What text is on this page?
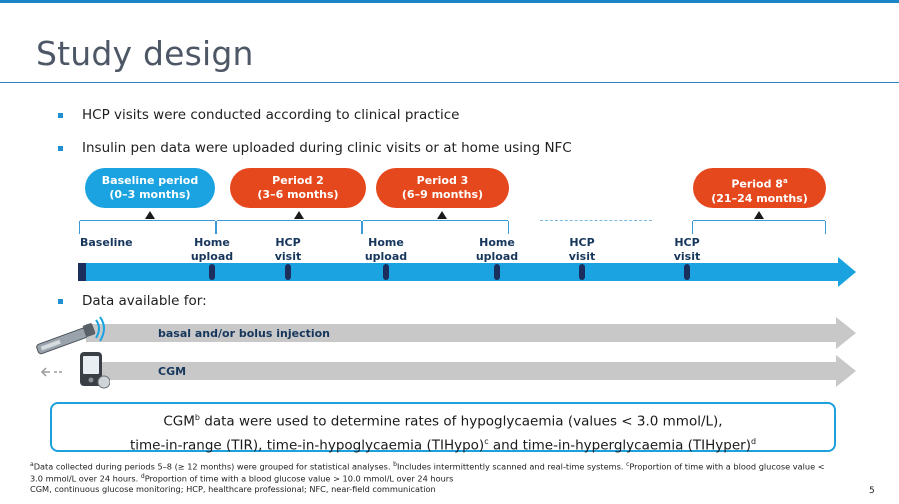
Study design
HCP visits were conducted according to clinical practice
Insulin pen data were uploaded during clinic visits or at home using NFC
Baseline period
(0–3 months)
Period 2
(3–6 months)
Period 3
(6–9 months)
Period 8$^a$
(21–24 months)
Baseline	Home
upload
HCP
visit
Home
upload
Home
upload
HCP
visit
HCP
visit
Data available for:
basal and/or bolus injection
CGM
CGM$^b$ data were used to determine rates of hypoglycaemia (values < 3.0 mmol/L),
time-in-range (TIR), time-in-hypoglycaemia (TIHypo)$^c$ and time-in-hyperglycaemia (TIHyper)$^d$
$^a$Data collected during periods 5–8 (≥ 12 months) were grouped for statistical analyses. $^b$Includes intermittently scanned and real-time systems. $^c$Proportion of time with a blood glucose value < 3.0 mmol/L over 24 hours. $^d$Proportion of time with a blood glucose value > 10.0 mmol/L over 24 hours
CGM, continuous glucose monitoring; HCP, healthcare professional; NFC, near-field communication	5
